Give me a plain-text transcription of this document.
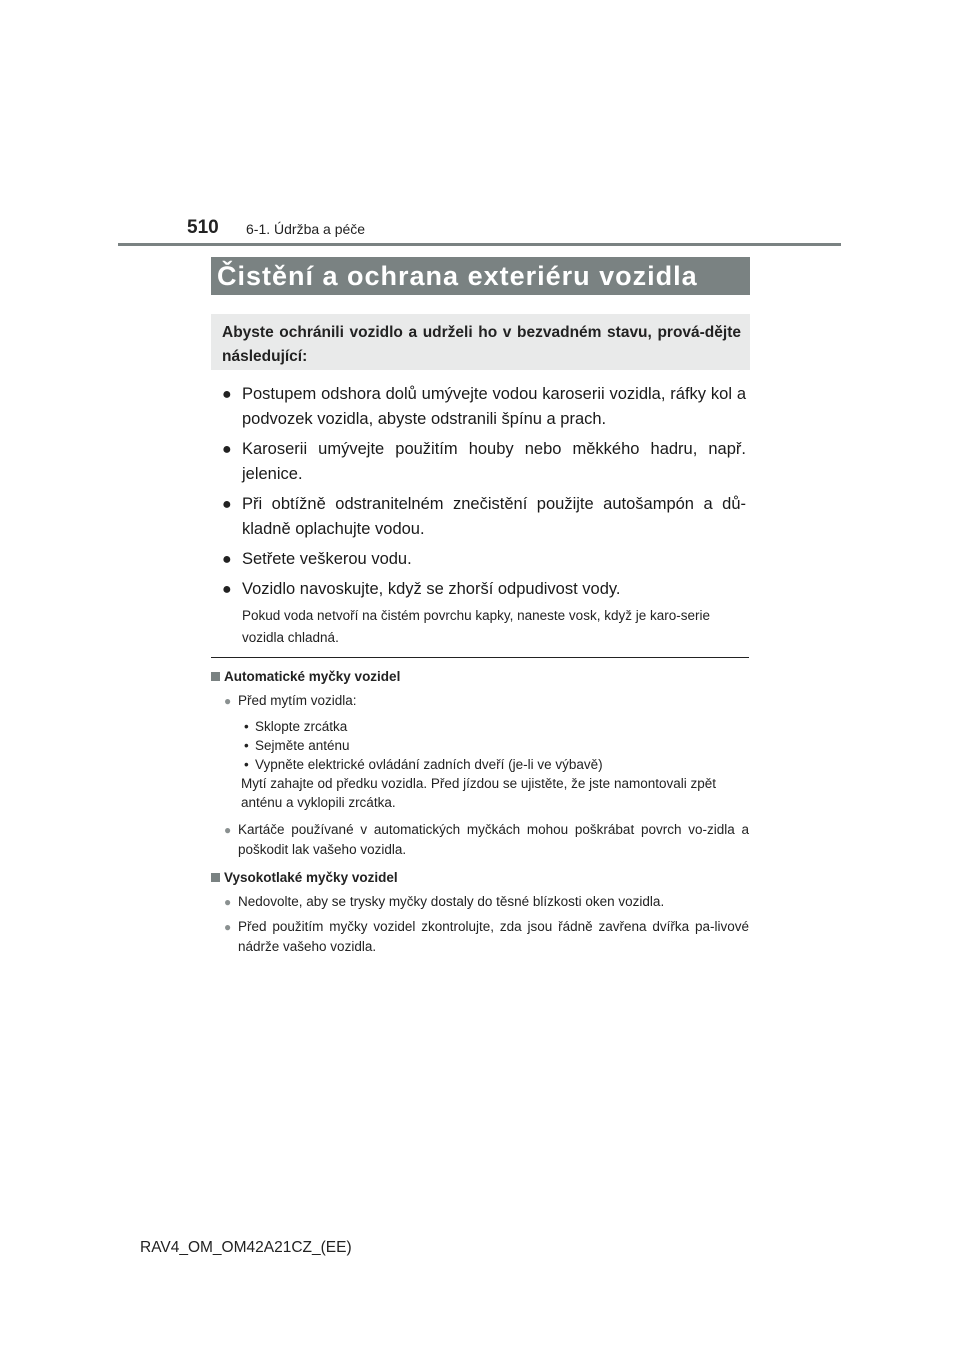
510 6-1. Údržba a péče
Čistění a ochrana exteriéru vozidla
Abyste ochránili vozidlo a udrželi ho v bezvadném stavu, prová-dějte následující:
● Postupem odshora dolů umývejte vodou karoserii vozidla, ráfky kol a podvozek vozidla, abyste odstranili špínu a prach.
● Karoserii umývejte použitím houby nebo měkkého hadru, např. jelenice.
● Při obtížně odstranitelném znečistění použijte autošampón a dů-kladně oplachujte vodou.
● Setřete veškerou vodu.
● Vozidlo navoskujte, když se zhorší odpudivost vody.
Pokud voda netvoří na čistém povrchu kapky, naneste vosk, když je karo-serie vozidla chladná.
Automatické myčky vozidel
● Před mytím vozidla:
• Sklopte zrcátka
• Sejměte anténu
• Vypněte elektrické ovládání zadních dveří (je-li ve výbavě)
Mytí zahajte od předku vozidla. Před jízdou se ujistěte, že jste namontovali zpět anténu a vyklopili zrcátka.
● Kartáče používané v automatických myčkách mohou poškrábat povrch vo-zidla a poškodit lak vašeho vozidla.
Vysokotlaké myčky vozidel
● Nedovolte, aby se trysky myčky dostaly do těsné blízkosti oken vozidla.
● Před použitím myčky vozidel zkontrolujte, zda jsou řádně zavřena dvířka pa-livové nádrže vašeho vozidla.
RAV4_OM_OM42A21CZ_(EE)
